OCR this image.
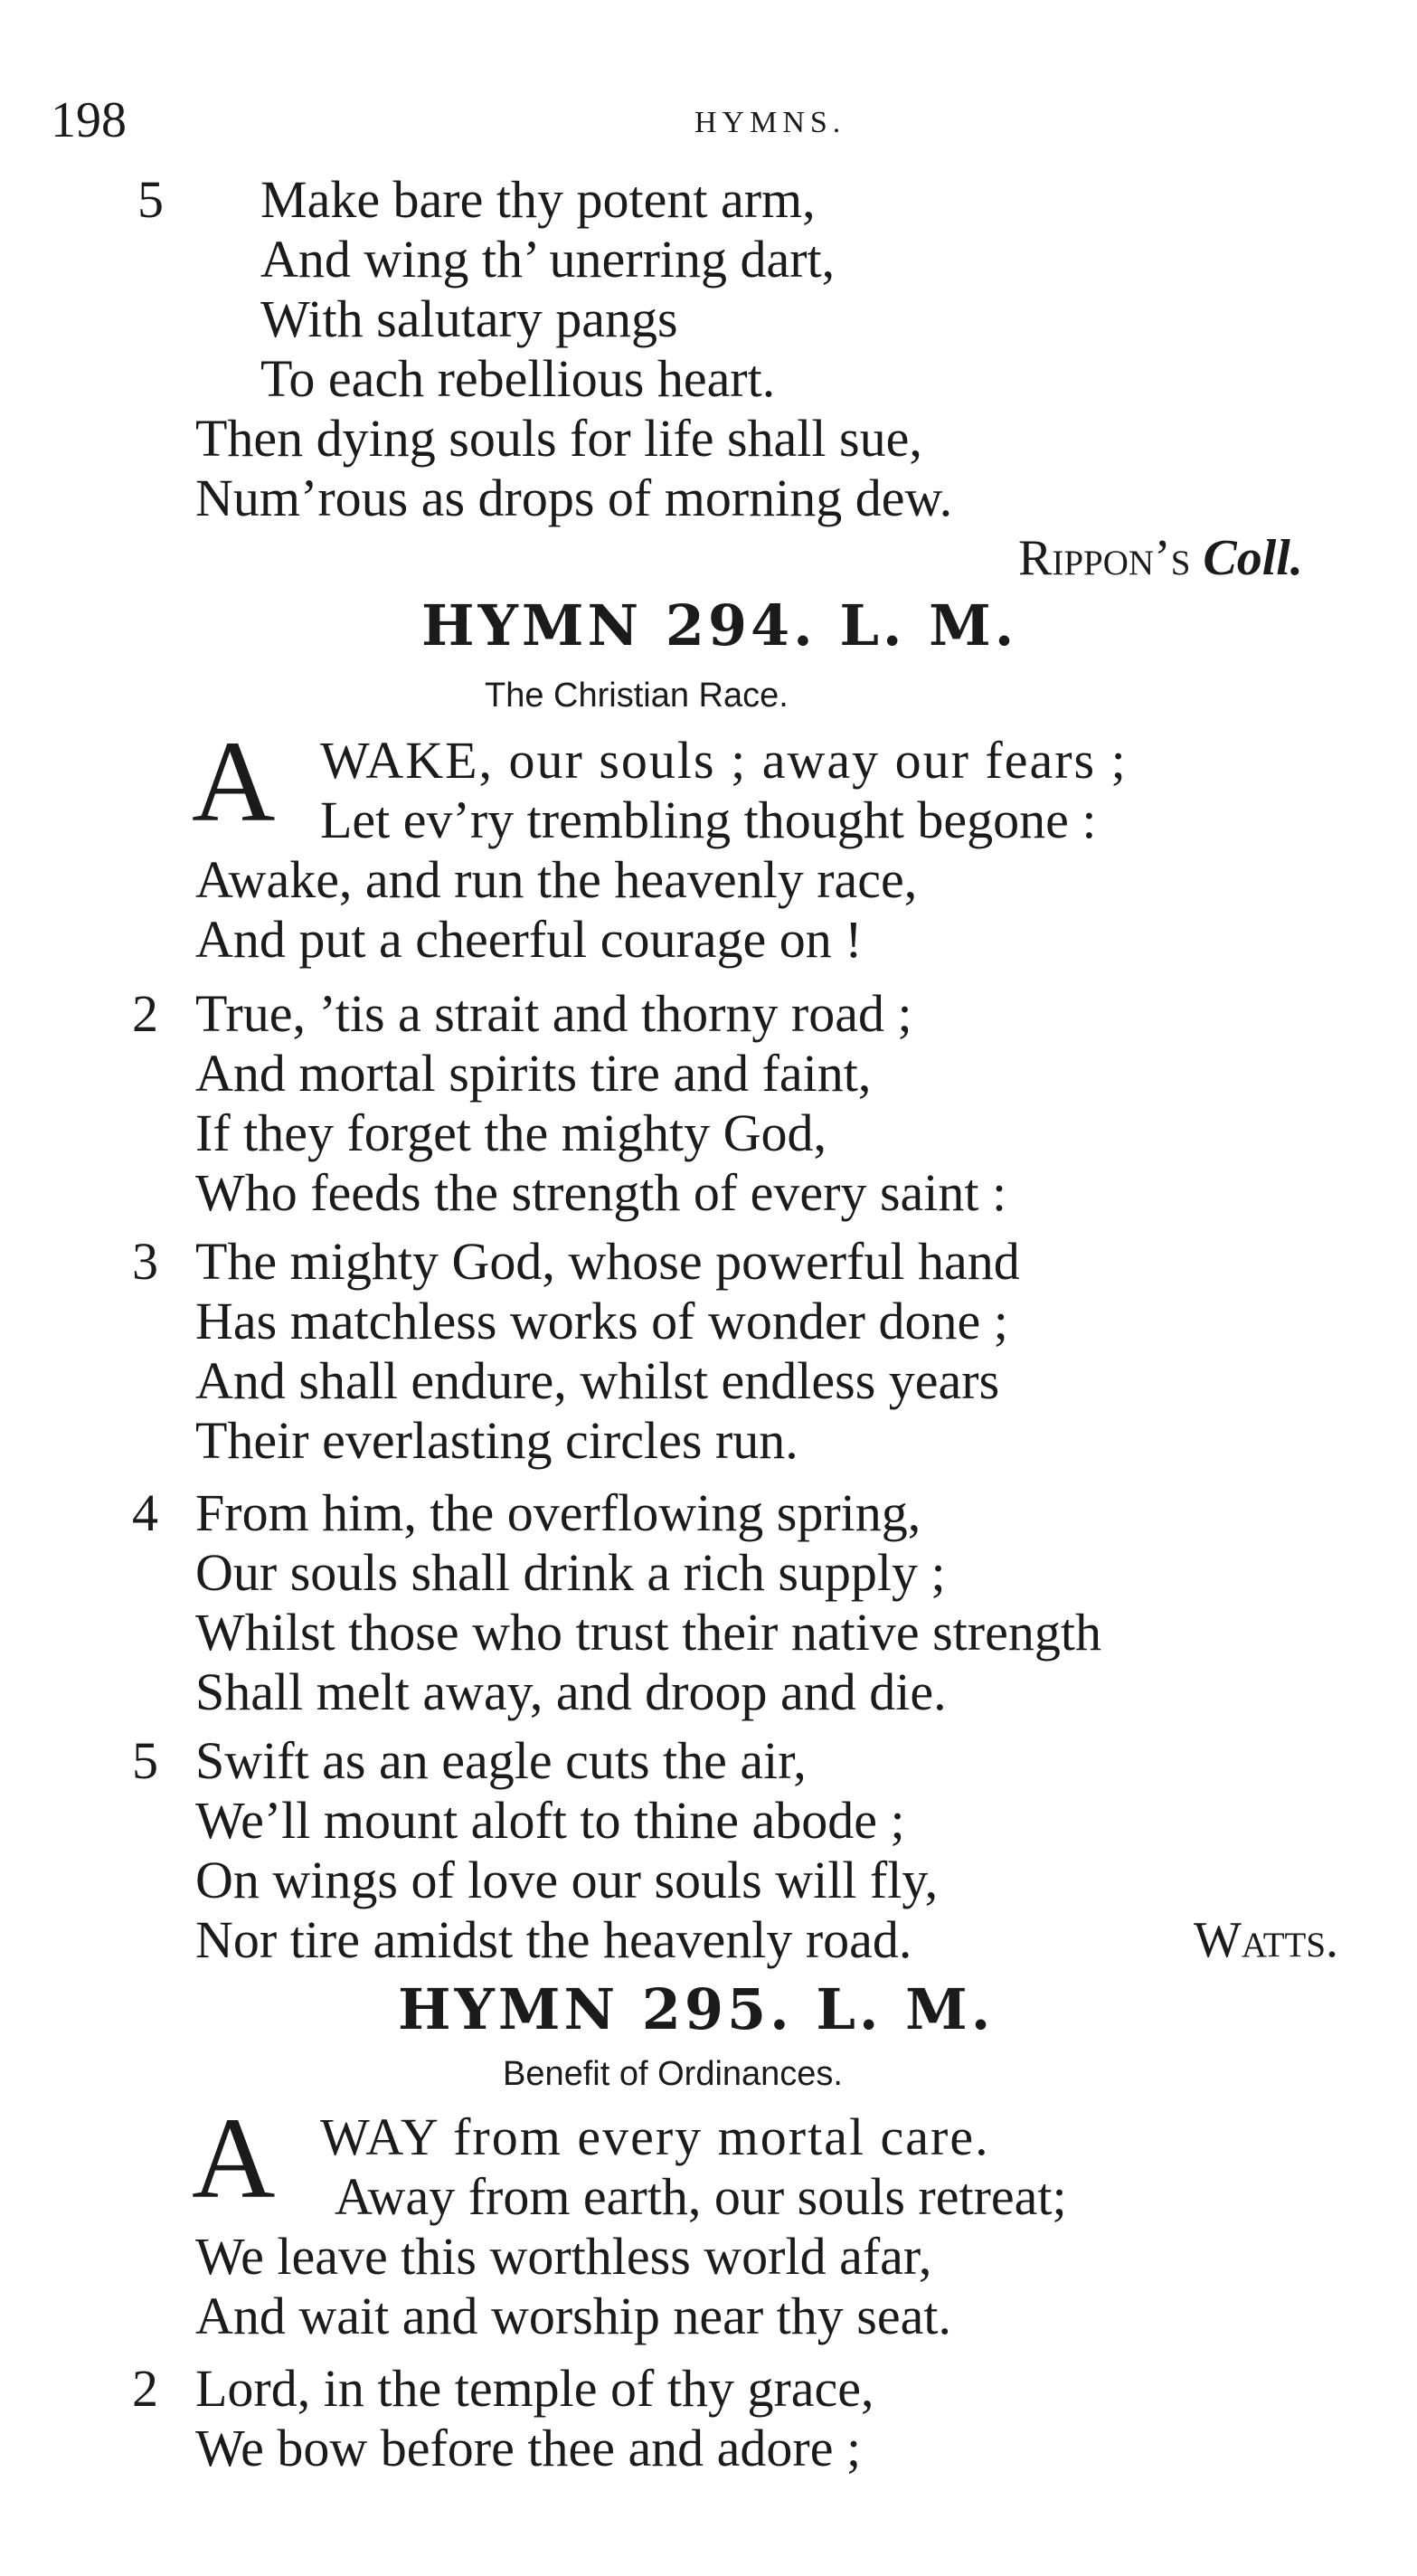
198	HYMNS.
5 Make bare thy potent arm,
And wing th’ unerring dart,
With salutary pangs
To each rebellious heart.
Then dying souls for life shall sue,
Num’rous as drops of morning dew.
Rippon’s Coll.
HYMN 294. L. M.
The Christian Race.
A WAKE, our souls ; away our fears ;
Let ev’ry trembling thought begone :
Awake, and run the heavenly race,
And put a cheerful courage on !
2 True, ’tis a strait and thorny road ;
And mortal spirits tire and faint,
If they forget the mighty God,
Who feeds the strength of every saint :
3 The mighty God, whose powerful hand
Has matchless works of wonder done ;
And shall endure, whilst endless years
Their everlasting circles run.
4 From him, the overflowing spring,
Our souls shall drink a rich supply ;
Whilst those who trust their native strength
Shall melt away, and droop and die.
5 Swift as an eagle cuts the air,
We’ll mount aloft to thine abode ;
On wings of love our souls will fly,
Nor tire amidst the heavenly road.	Watts.
HYMN 295. L. M.
Benefit of Ordinances.
A WAY from every mortal care.
Away from earth, our souls retreat;
We leave this worthless world afar,
And wait and worship near thy seat.
2 Lord, in the temple of thy grace,
We bow before thee and adore ;
